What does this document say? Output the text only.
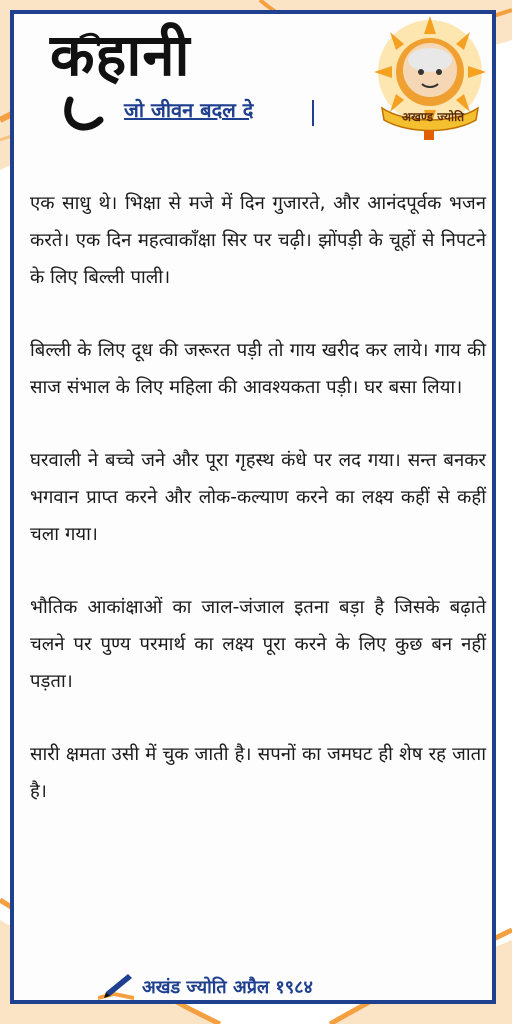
कहानी
जो जीवन बदल दे	अखण्ड ज्योति

एक साधु थे। भिक्षा से मजे में दिन गुजारते, और आनंदपूर्वक भजन करते। एक दिन महत्वाकाँक्षा सिर पर चढ़ी। झोंपड़ी के चूहों से निपटने के लिए बिल्ली पाली।

बिल्ली के लिए दूध की जरूरत पड़ी तो गाय खरीद कर लाये। गाय की साज संभाल के लिए महिला की आवश्यकता पड़ी। घर बसा लिया।

घरवाली ने बच्चे जने और पूरा गृहस्थ कंधे पर लद गया। सन्त बनकर भगवान प्राप्त करने और लोक-कल्याण करने का लक्ष्य कहीं से कहीं चला गया।

भौतिक आकांक्षाओं का जाल-जंजाल इतना बड़ा है जिसके बढ़ाते चलने पर पुण्य परमार्थ का लक्ष्य पूरा करने के लिए कुछ बन नहीं पड़ता।

सारी क्षमता उसी में चुक जाती है। सपनों का जमघट ही शेष रह जाता है।

अखंड ज्योति अप्रैल १९८४
